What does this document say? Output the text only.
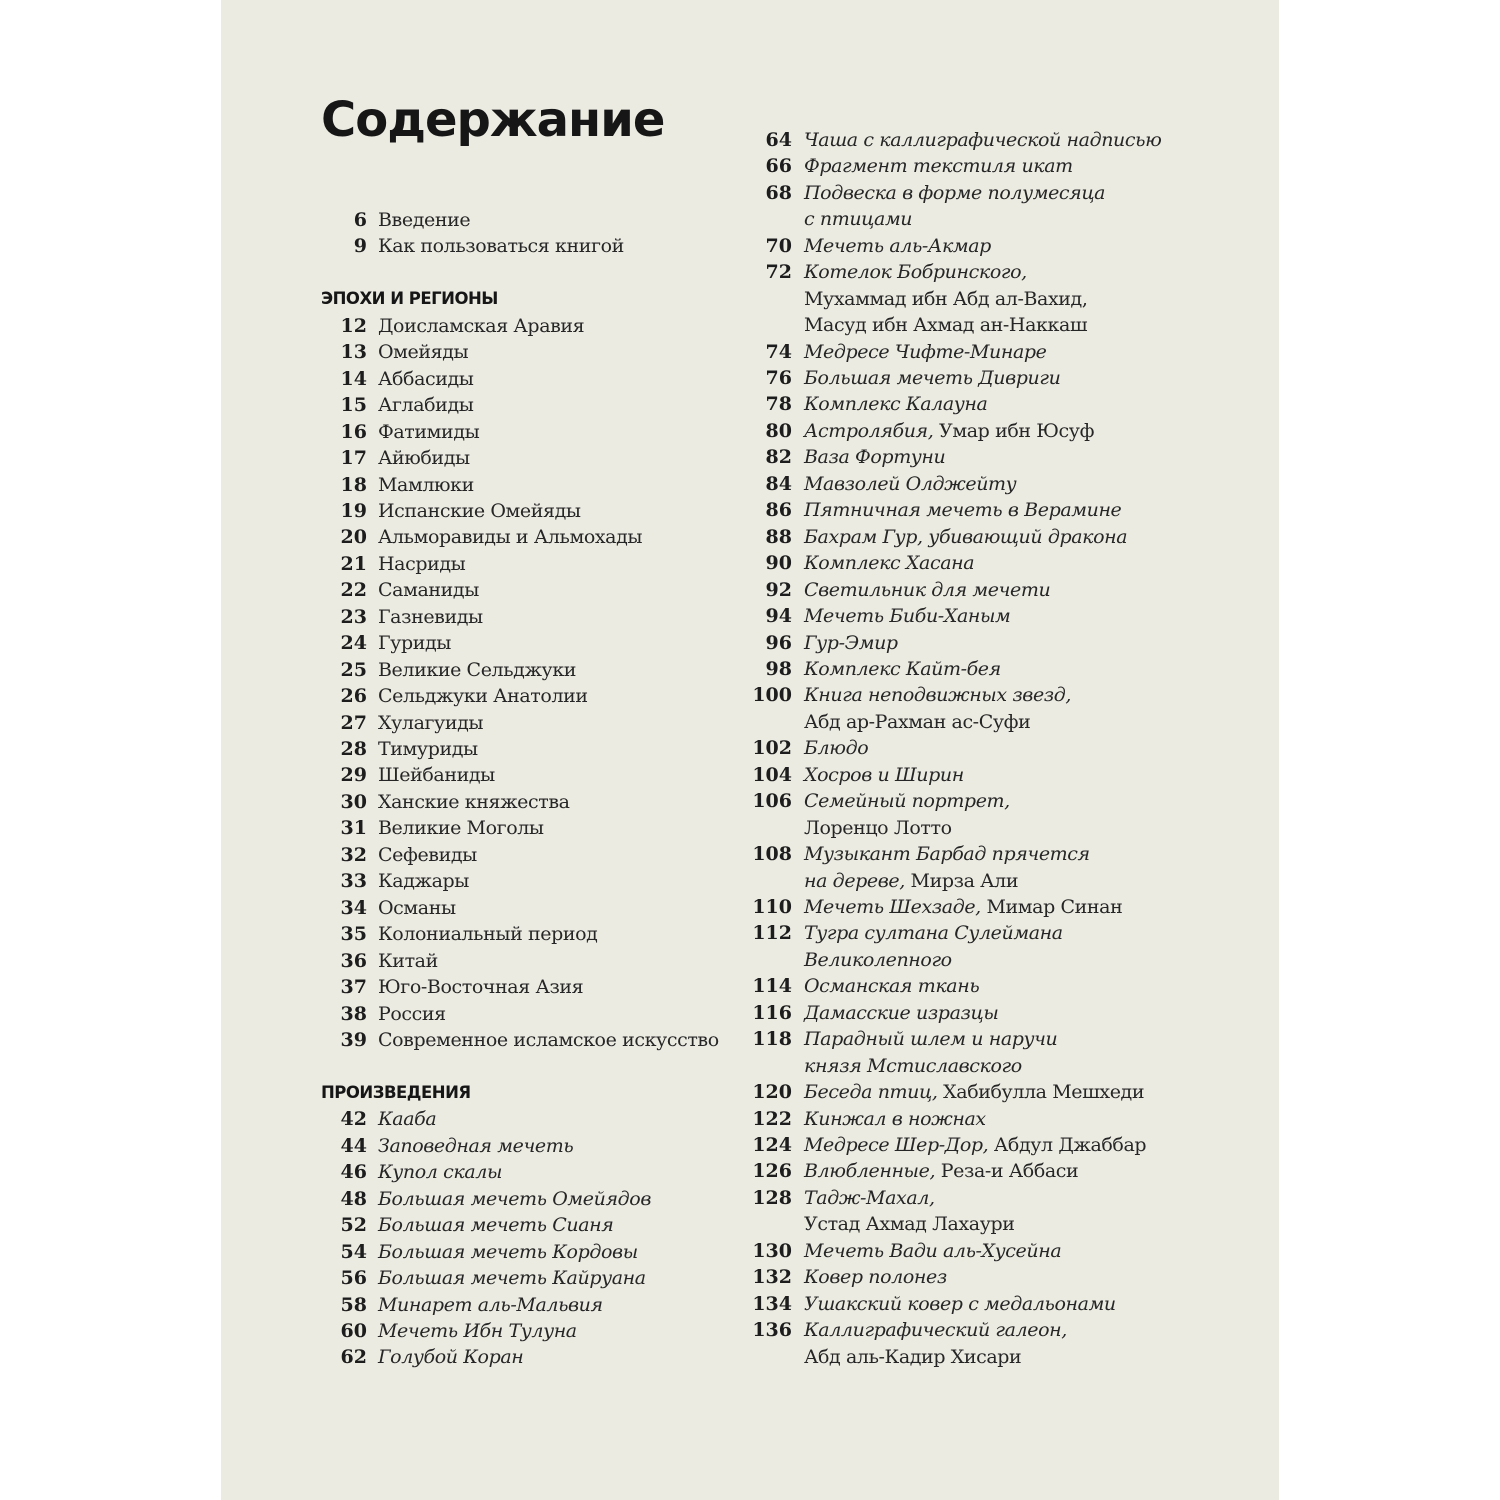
Содержание
6 Введение
9 Как пользоваться книгой
ЭПОХИ И РЕГИОНЫ
12 Доисламская Аравия
13 Омейяды
14 Аббасиды
15 Аглабиды
16 Фатимиды
17 Айюбиды
18 Мамлюки
19 Испанские Омейяды
20 Альморавиды и Альмохады
21 Насриды
22 Саманиды
23 Газневиды
24 Гуриды
25 Великие Сельджуки
26 Сельджуки Анатолии
27 Хулагуиды
28 Тимуриды
29 Шейбаниды
30 Ханские княжества
31 Великие Моголы
32 Сефевиды
33 Каджары
34 Османы
35 Колониальный период
36 Китай
37 Юго-Восточная Азия
38 Россия
39 Современное исламское искусство
ПРОИЗВЕДЕНИЯ
42 Кааба
44 Заповедная мечеть
46 Купол скалы
48 Большая мечеть Омейядов
52 Большая мечеть Сианя
54 Большая мечеть Кордовы
56 Большая мечеть Кайруана
58 Минарет аль-Мальвия
60 Мечеть Ибн Тулуна
62 Голубой Коран
64 Чаша с каллиграфической надписью
66 Фрагмент текстиля икат
68 Подвеска в форме полумесяца
с птицами
70 Мечеть аль-Акмар
72 Котелок Бобринского,
Мухаммад ибн Абд ал-Вахид,
Масуд ибн Ахмад ан-Наккаш
74 Медресе Чифте-Минаре
76 Большая мечеть Дивриги
78 Комплекс Калауна
80 Астролябия, Умар ибн Юсуф
82 Ваза Фортуни
84 Мавзолей Олджейту
86 Пятничная мечеть в Верамине
88 Бахрам Гур, убивающий дракона
90 Комплекс Хасана
92 Светильник для мечети
94 Мечеть Биби-Ханым
96 Гур-Эмир
98 Комплекс Кайт-бея
100 Книга неподвижных звезд,
Абд ар-Рахман ас-Суфи
102 Блюдо
104 Хосров и Ширин
106 Семейный портрет,
Лоренцо Лотто
108 Музыкант Барбад прячется
на дереве, Мирза Али
110 Мечеть Шехзаде, Мимар Синан
112 Тугра султана Сулеймана
Великолепного
114 Османская ткань
116 Дамасские изразцы
118 Парадный шлем и наручи
князя Мстиславского
120 Беседа птиц, Хабибулла Мешхеди
122 Кинжал в ножнах
124 Медресе Шер-Дор, Абдул Джаббар
126 Влюбленные, Реза-и Аббаси
128 Тадж-Махал,
Устад Ахмад Лахаури
130 Мечеть Вади аль-Хусейна
132 Ковер полонез
134 Ушакский ковер с медальонами
136 Каллиграфический галеон,
Абд аль-Кадир Хисари
